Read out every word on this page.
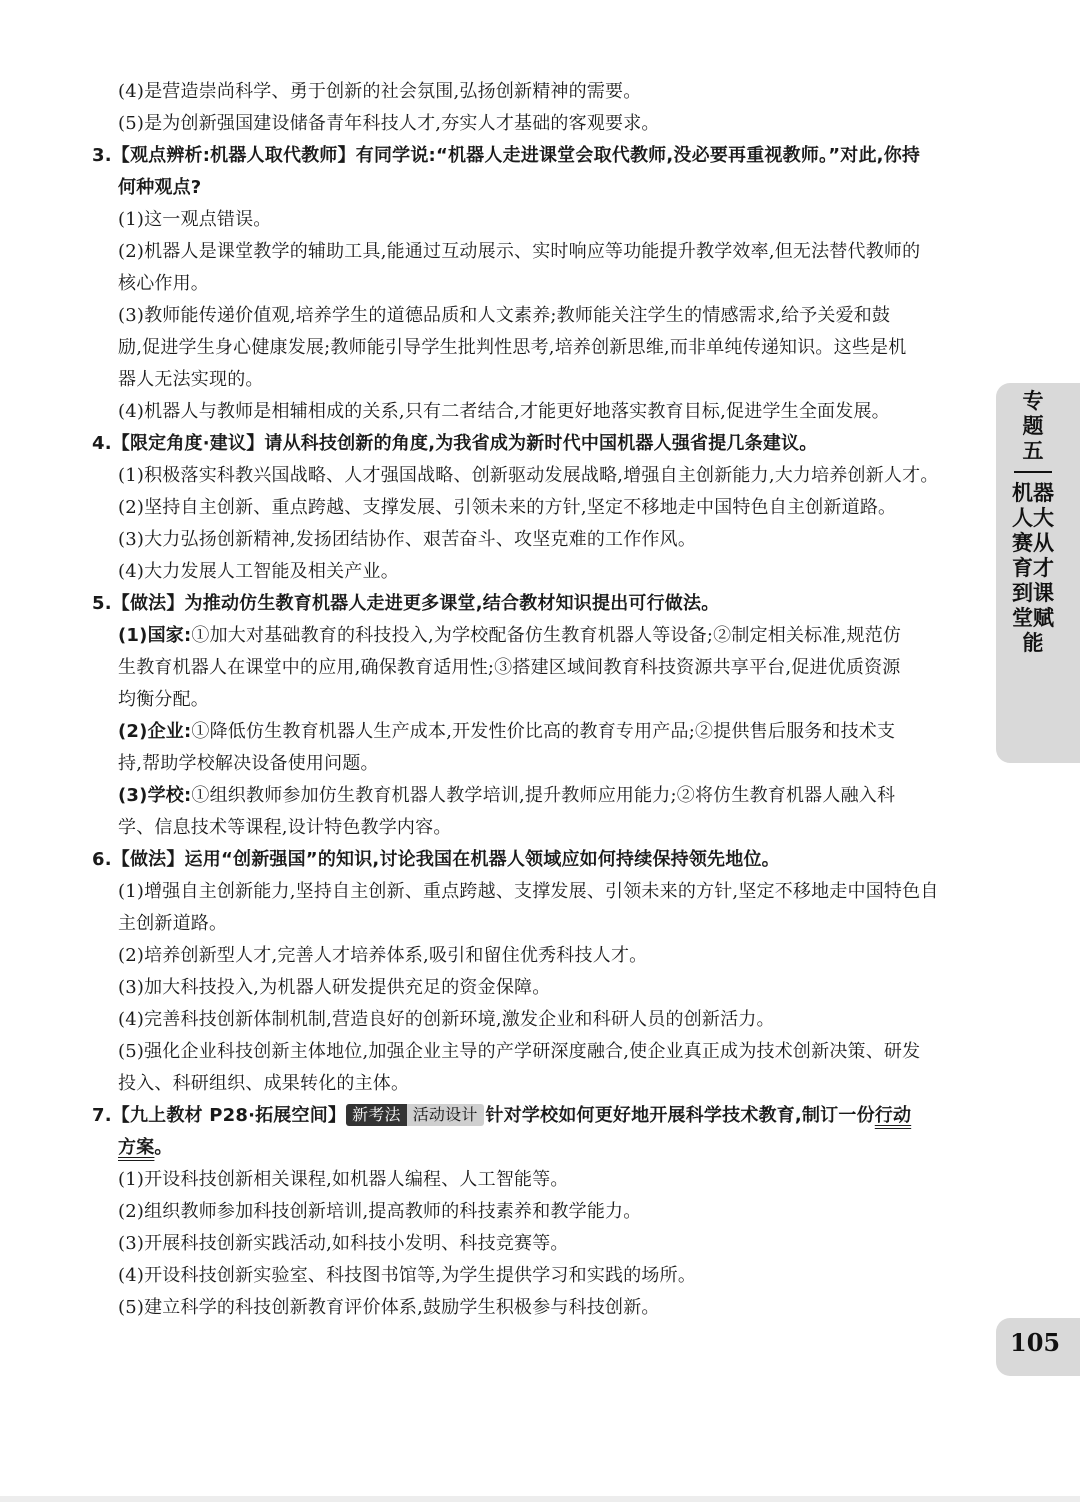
(4)是营造崇尚科学、勇于创新的社会氛围,弘扬创新精神的需要。
(5)是为创新强国建设储备青年科技人才,夯实人才基础的客观要求。
3.【观点辨析:机器人取代教师】有同学说:“机器人走进课堂会取代教师,没必要再重视教师。”对此,你持
何种观点?
(1)这一观点错误。
(2)机器人是课堂教学的辅助工具,能通过互动展示、实时响应等功能提升教学效率,但无法替代教师的
核心作用。
(3)教师能传递价值观,培养学生的道德品质和人文素养;教师能关注学生的情感需求,给予关爱和鼓
励,促进学生身心健康发展;教师能引导学生批判性思考,培养创新思维,而非单纯传递知识。这些是机
器人无法实现的。
(4)机器人与教师是相辅相成的关系,只有二者结合,才能更好地落实教育目标,促进学生全面发展。
4.【限定角度·建议】请从科技创新的角度,为我省成为新时代中国机器人强省提几条建议。
(1)积极落实科教兴国战略、人才强国战略、创新驱动发展战略,增强自主创新能力,大力培养创新人才。
(2)坚持自主创新、重点跨越、支撑发展、引领未来的方针,坚定不移地走中国特色自主创新道路。
(3)大力弘扬创新精神,发扬团结协作、艰苦奋斗、攻坚克难的工作作风。
(4)大力发展人工智能及相关产业。
5.【做法】为推动仿生教育机器人走进更多课堂,结合教材知识提出可行做法。
(1)国家:①加大对基础教育的科技投入,为学校配备仿生教育机器人等设备;②制定相关标准,规范仿
生教育机器人在课堂中的应用,确保教育适用性;③搭建区域间教育科技资源共享平台,促进优质资源
均衡分配。
(2)企业:①降低仿生教育机器人生产成本,开发性价比高的教育专用产品;②提供售后服务和技术支
持,帮助学校解决设备使用问题。
(3)学校:①组织教师参加仿生教育机器人教学培训,提升教师应用能力;②将仿生教育机器人融入科
学、信息技术等课程,设计特色教学内容。
6.【做法】运用“创新强国”的知识,讨论我国在机器人领域应如何持续保持领先地位。
(1)增强自主创新能力,坚持自主创新、重点跨越、支撑发展、引领未来的方针,坚定不移地走中国特色自
主创新道路。
(2)培养创新型人才,完善人才培养体系,吸引和留住优秀科技人才。
(3)加大科技投入,为机器人研发提供充足的资金保障。
(4)完善科技创新体制机制,营造良好的创新环境,激发企业和科研人员的创新活力。
(5)强化企业科技创新主体地位,加强企业主导的产学研深度融合,使企业真正成为技术创新决策、研发
投入、科研组织、成果转化的主体。
7.【九上教材 P28·拓展空间】 新考法 活动设计 针对学校如何更好地开展科学技术教育,制订一份行动
方案。
(1)开设科技创新相关课程,如机器人编程、人工智能等。
(2)组织教师参加科技创新培训,提高教师的科技素养和教学能力。
(3)开展科技创新实践活动,如科技小发明、科技竞赛等。
(4)开设科技创新实验室、科技图书馆等,为学生提供学习和实践的场所。
(5)建立科学的科技创新教育评价体系,鼓励学生积极参与科技创新。
专题五
机器人大赛从育才到课堂赋能
105
